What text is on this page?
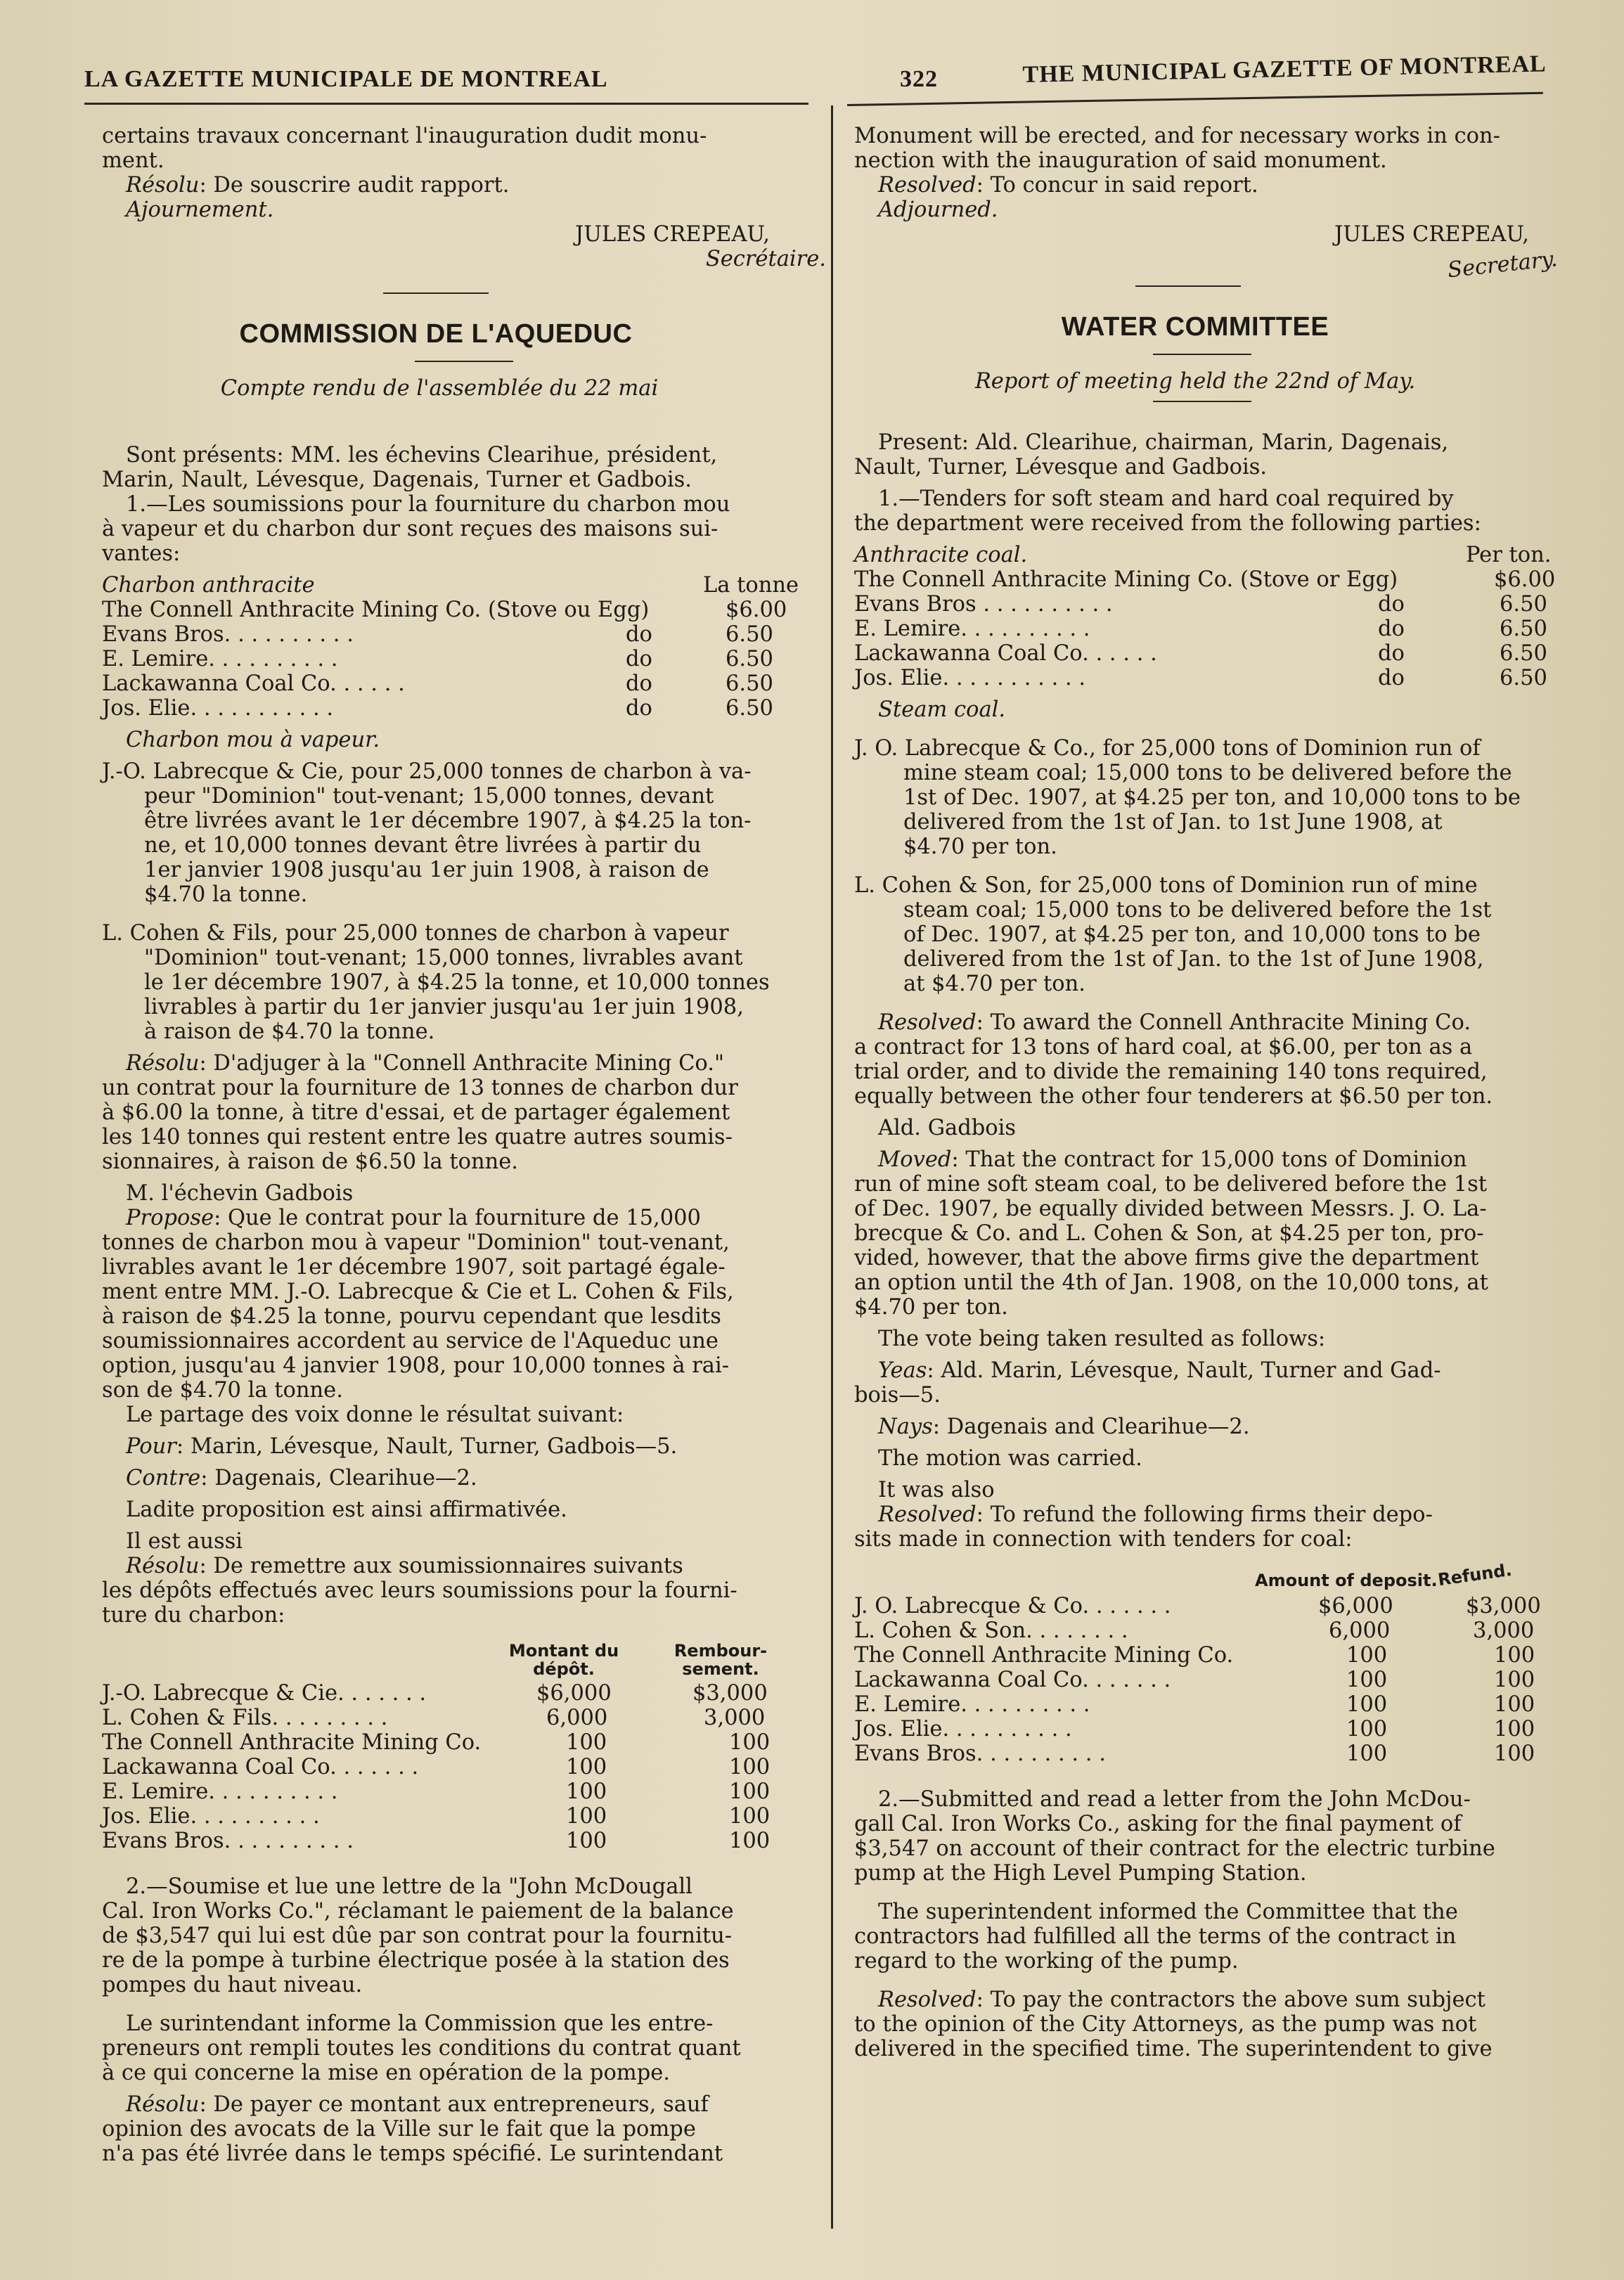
LA GAZETTE MUNICIPALE DE MONTREAL	322	THE MUNICIPAL GAZETTE OF MONTREAL

certains travaux concernant l'inauguration dudit monu-

ment.

Résolu: De souscrire audit rapport.

Ajournement.

JULES CREPEAU,

Secrétaire.

COMMISSION DE L'AQUEDUC

Compte rendu de l'assemblée du 22 mai

Sont présents: MM. les échevins Clearihue, président,

Marin, Nault, Lévesque, Dagenais, Turner et Gadbois.

1.—Les soumissions pour la fourniture du charbon mou

à vapeur et du charbon dur sont reçues des maisons sui-

vantes:

Charbon anthracite	La tonne
The Connell Anthracite Mining Co. (Stove ou Egg)	$6.00
Evans Bros. . . . . . . . . .	do	6.50
E. Lemire. . . . . . . . . .	do	6.50
Lackawanna Coal Co. . . . . .	do	6.50
Jos. Elie. . . . . . . . . . .	do	6.50

Charbon mou à vapeur.

J.-O. Labrecque & Cie, pour 25,000 tonnes de charbon à va-

peur "Dominion" tout-venant; 15,000 tonnes, devant

être livrées avant le 1er décembre 1907, à $4.25 la ton-

ne, et 10,000 tonnes devant être livrées à partir du

1er janvier 1908 jusqu'au 1er juin 1908, à raison de

$4.70 la tonne.

L. Cohen & Fils, pour 25,000 tonnes de charbon à vapeur

"Dominion" tout-venant; 15,000 tonnes, livrables avant

le 1er décembre 1907, à $4.25 la tonne, et 10,000 tonnes

livrables à partir du 1er janvier jusqu'au 1er juin 1908,

à raison de $4.70 la tonne.

Résolu: D'adjuger à la "Connell Anthracite Mining Co."

un contrat pour la fourniture de 13 tonnes de charbon dur

à $6.00 la tonne, à titre d'essai, et de partager également

les 140 tonnes qui restent entre les quatre autres soumis-

sionnaires, à raison de $6.50 la tonne.

M. l'échevin Gadbois

Propose: Que le contrat pour la fourniture de 15,000

tonnes de charbon mou à vapeur "Dominion" tout-venant,

livrables avant le 1er décembre 1907, soit partagé égale-

ment entre MM. J.-O. Labrecque & Cie et L. Cohen & Fils,

à raison de $4.25 la tonne, pourvu cependant que lesdits

soumissionnaires accordent au service de l'Aqueduc une

option, jusqu'au 4 janvier 1908, pour 10,000 tonnes à rai-

son de $4.70 la tonne.

Le partage des voix donne le résultat suivant:

Pour: Marin, Lévesque, Nault, Turner, Gadbois—5.

Contre: Dagenais, Clearihue—2.

Ladite proposition est ainsi affirmativée.

Il est aussi

Résolu: De remettre aux soumissionnaires suivants

les dépôts effectués avec leurs soumissions pour la fourni-

ture du charbon:

Montant du
dépôt.
Rembour-
sement.
J.-O. Labrecque & Cie. . . . . . .	$6,000	$3,000
L. Cohen & Fils. . . . . . . . .	6,000	3,000
The Connell Anthracite Mining Co.	100	100
Lackawanna Coal Co. . . . . . .	100	100
E. Lemire. . . . . . . . . .	100	100
Jos. Elie. . . . . . . . . .	100	100
Evans Bros. . . . . . . . . .	100	100

2.—Soumise et lue une lettre de la "John McDougall

Cal. Iron Works Co.", réclamant le paiement de la balance

de $3,547 qui lui est dûe par son contrat pour la fournitu-

re de la pompe à turbine électrique posée à la station des

pompes du haut niveau.

Le surintendant informe la Commission que les entre-

preneurs ont rempli toutes les conditions du contrat quant

à ce qui concerne la mise en opération de la pompe.

Résolu: De payer ce montant aux entrepreneurs, sauf

opinion des avocats de la Ville sur le fait que la pompe

n'a pas été livrée dans le temps spécifié. Le surintendant

Monument will be erected, and for necessary works in con-

nection with the inauguration of said monument.

Resolved: To concur in said report.

Adjourned.

JULES CREPEAU,

Secretary.

WATER COMMITTEE

Report of meeting held the 22nd of May.

Present: Ald. Clearihue, chairman, Marin, Dagenais,

Nault, Turner, Lévesque and Gadbois.

1.—Tenders for soft steam and hard coal required by

the department were received from the following parties:

Anthracite coal.	Per ton.
The Connell Anthracite Mining Co. (Stove or Egg)	$6.00
Evans Bros . . . . . . . . . .	do	6.50
E. Lemire. . . . . . . . . .	do	6.50
Lackawanna Coal Co. . . . . .	do	6.50
Jos. Elie. . . . . . . . . . .	do	6.50

Steam coal.

J. O. Labrecque & Co., for 25,000 tons of Dominion run of

mine steam coal; 15,000 tons to be delivered before the

1st of Dec. 1907, at $4.25 per ton, and 10,000 tons to be

delivered from the 1st of Jan. to 1st June 1908, at

$4.70 per ton.

L. Cohen & Son, for 25,000 tons of Dominion run of mine

steam coal; 15,000 tons to be delivered before the 1st

of Dec. 1907, at $4.25 per ton, and 10,000 tons to be

delivered from the 1st of Jan. to the 1st of June 1908,

at $4.70 per ton.

Resolved: To award the Connell Anthracite Mining Co.

a contract for 13 tons of hard coal, at $6.00, per ton as a

trial order, and to divide the remaining 140 tons required,

equally between the other four tenderers at $6.50 per ton.

Ald. Gadbois

Moved: That the contract for 15,000 tons of Dominion

run of mine soft steam coal, to be delivered before the 1st

of Dec. 1907, be equally divided between Messrs. J. O. La-

brecque & Co. and L. Cohen & Son, at $4.25 per ton, pro-

vided, however, that the above firms give the department

an option until the 4th of Jan. 1908, on the 10,000 tons, at

$4.70 per ton.

The vote being taken resulted as follows:

Yeas: Ald. Marin, Lévesque, Nault, Turner and Gad-

bois—5.

Nays: Dagenais and Clearihue—2.

The motion was carried.

It was also

Resolved: To refund the following firms their depo-

sits made in connection with tenders for coal:

Amount of deposit.
Refund.
J. O. Labrecque & Co. . . . . . .	$6,000	$3,000
L. Cohen & Son. . . . . . . .	6,000	3,000
The Connell Anthracite Mining Co.	100	100
Lackawanna Coal Co. . . . . . .	100	100
E. Lemire. . . . . . . . . .	100	100
Jos. Elie. . . . . . . . . .	100	100
Evans Bros. . . . . . . . . .	100	100

2.—Submitted and read a letter from the John McDou-

gall Cal. Iron Works Co., asking for the final payment of

$3,547 on account of their contract for the electric turbine

pump at the High Level Pumping Station.

The superintendent informed the Committee that the

contractors had fulfilled all the terms of the contract in

regard to the working of the pump.

Resolved: To pay the contractors the above sum subject

to the opinion of the City Attorneys, as the pump was not

delivered in the specified time. The superintendent to give
